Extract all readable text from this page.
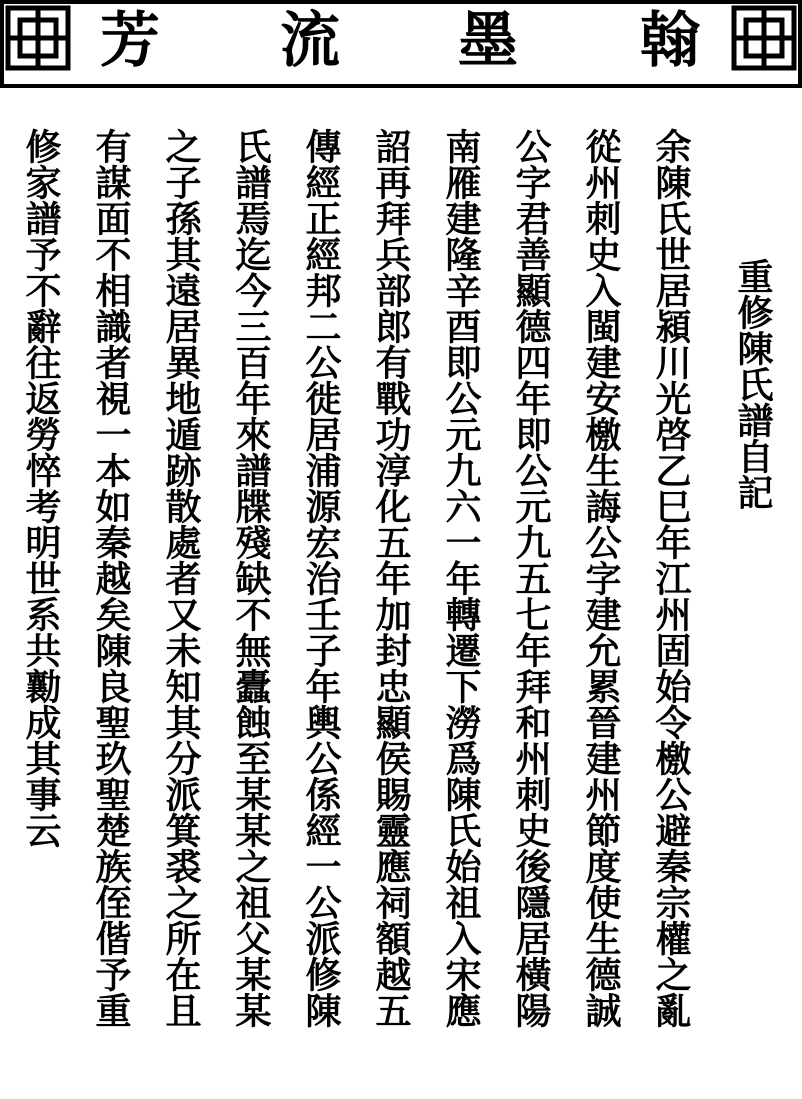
芳 流 墨 翰
重修陳氏譜自記
余陳氏世居潁川光啓乙巳年江州固始令檄公避秦宗權之亂
從州刺史入閩建安檄生誨公字建允累晉建州節度使生德誠
公字君善顯德四年即公元九五七年拜和州刺史後隱居橫陽
南雁建隆辛酉即公元九六一年轉遷下澇爲陳氏始祖入宋應
詔再拜兵部郎有戰功淳化五年加封忠顯侯賜靈應祠額越五
傳經正經邦二公徙居浦源宏治壬子年輿公係經一公派修陳
氏譜焉迄今三百年來譜牒殘缺不無蠹蝕至某某之祖父某某
之子孫其遠居異地遁跡散處者又未知其分派箕裘之所在且
有謀面不相識者視一本如秦越矣陳良聖玖聖楚族侄偕予重
修家譜予不辭往返勞悴考明世系共勷成其事云
